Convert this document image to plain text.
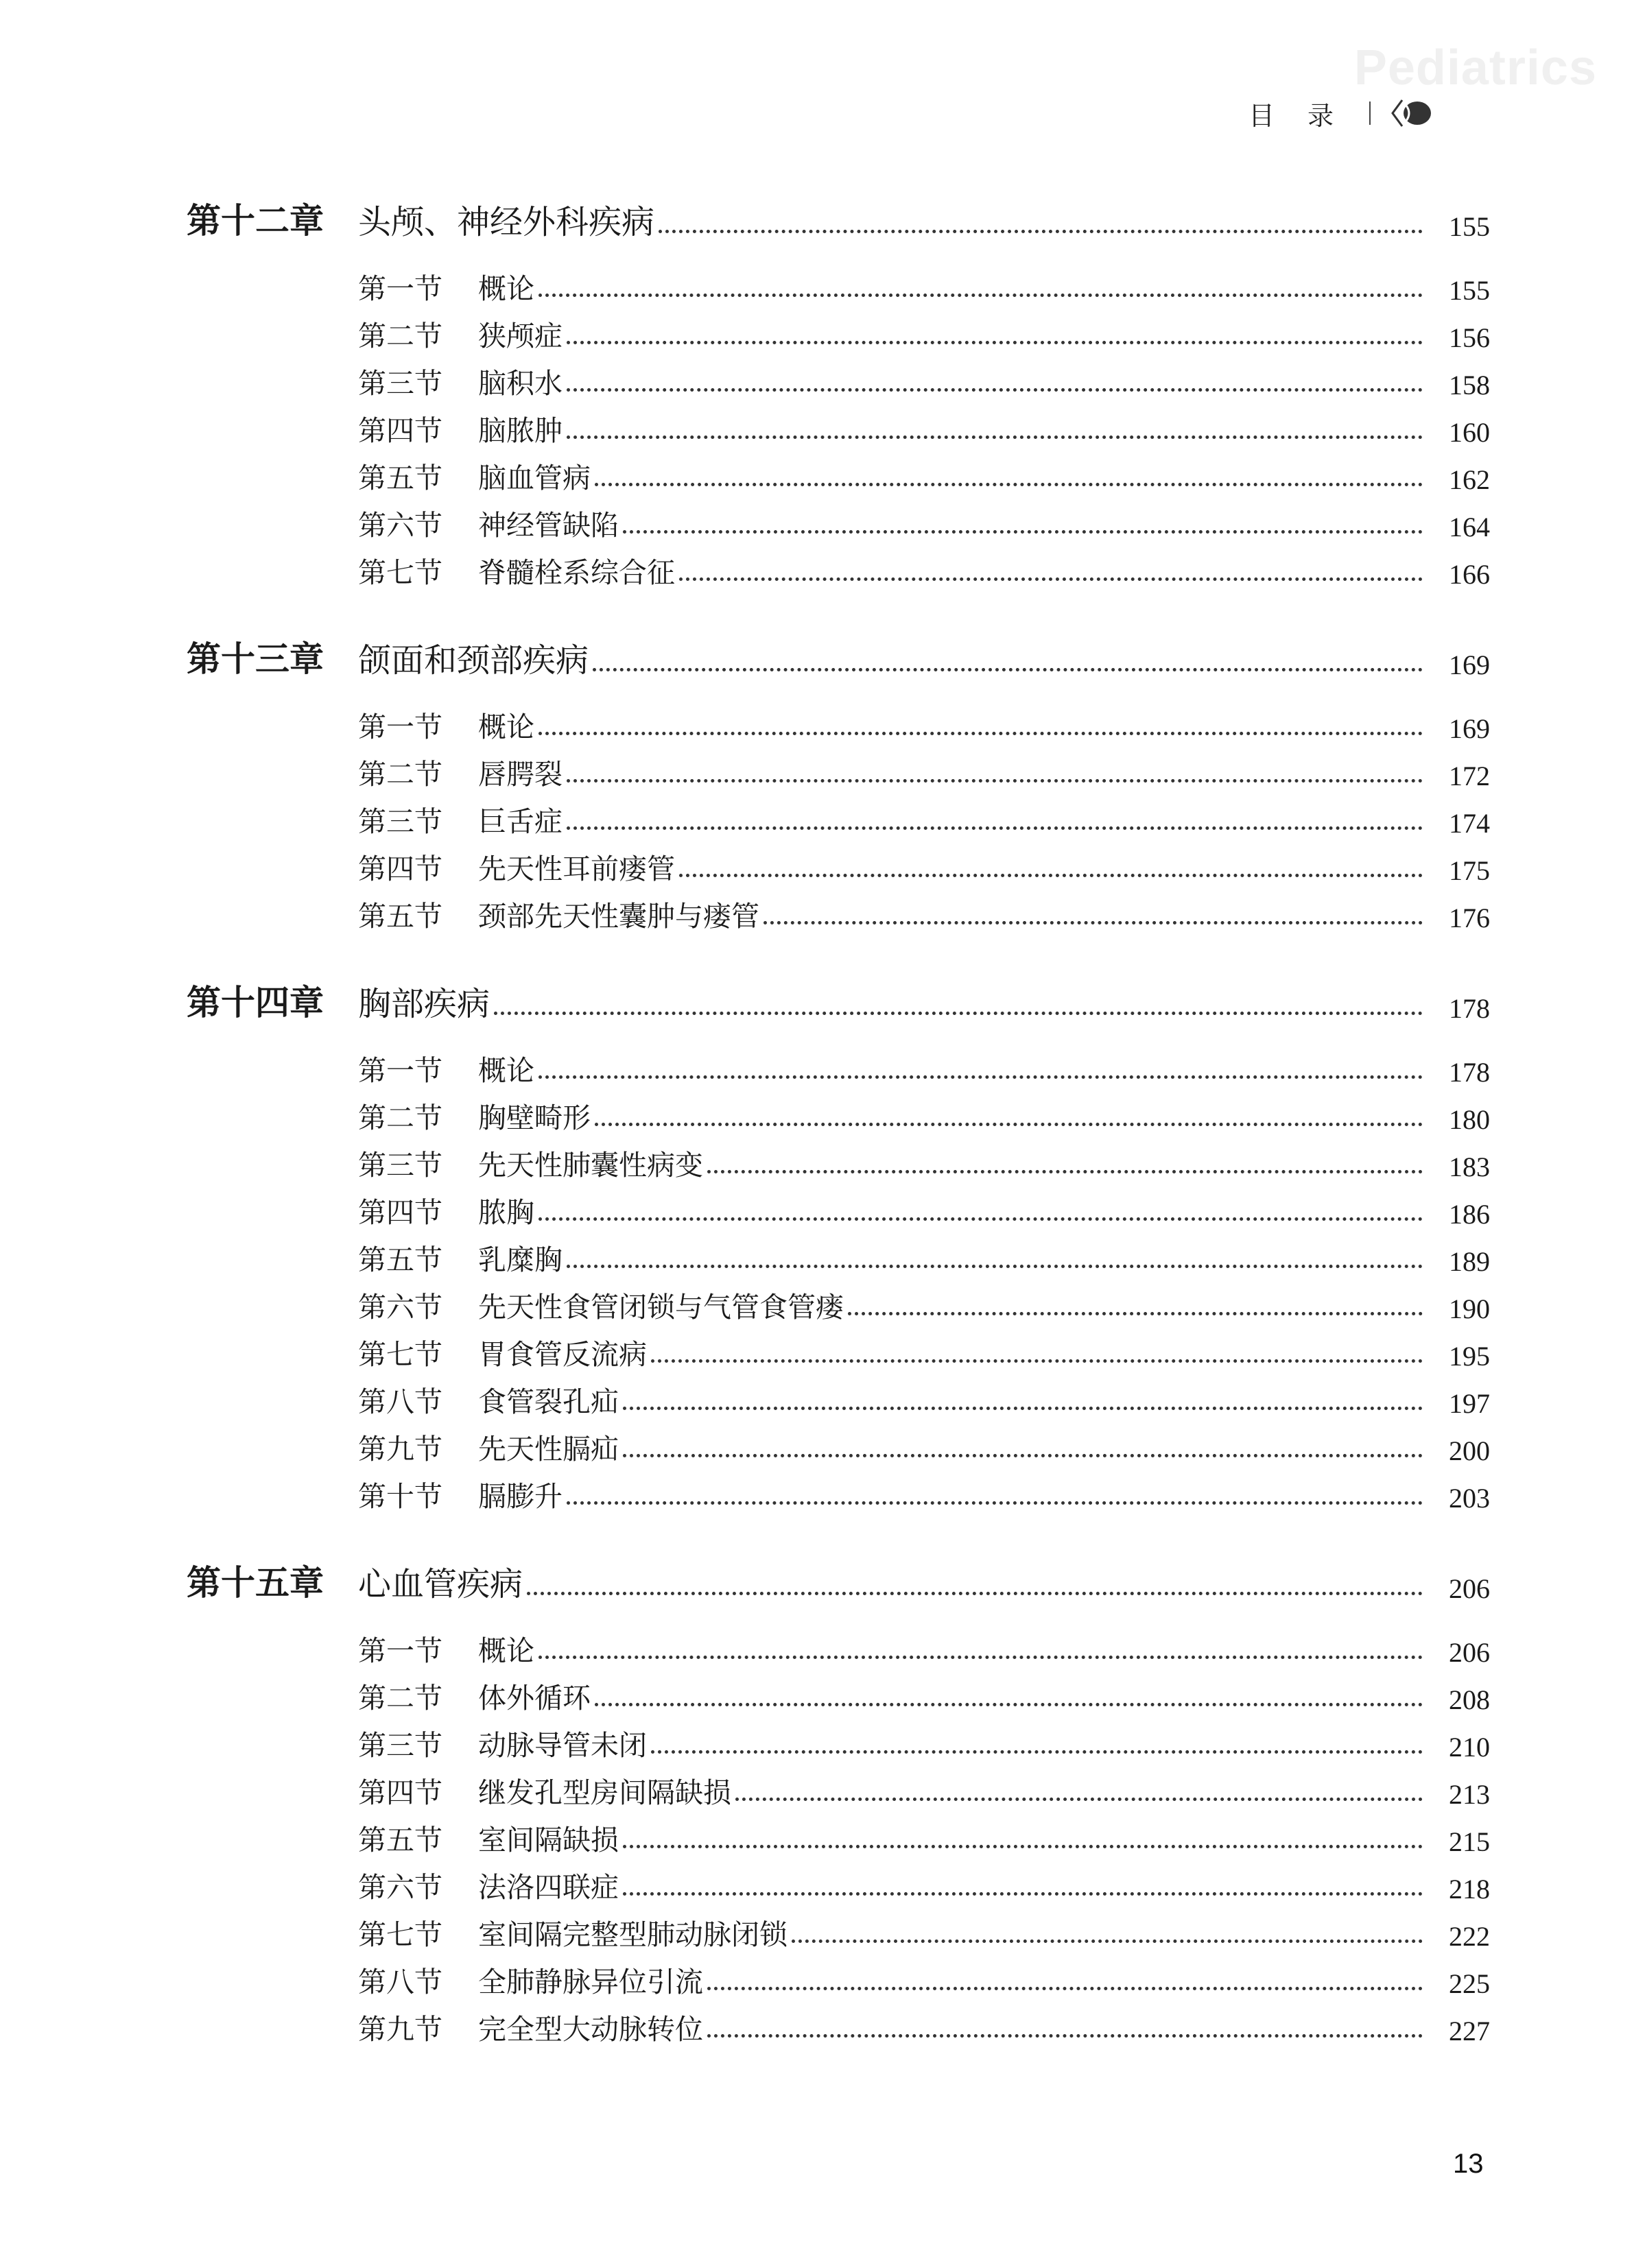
Pediatrics
目录
第十二章	头颅、神经外科疾病	155
第一节	概论	155
第二节	狭颅症	156
第三节	脑积水	158
第四节	脑脓肿	160
第五节	脑血管病	162
第六节	神经管缺陷	164
第七节	脊髓栓系综合征	166
第十三章	颌面和颈部疾病	169
第一节	概论	169
第二节	唇腭裂	172
第三节	巨舌症	174
第四节	先天性耳前瘘管	175
第五节	颈部先天性囊肿与瘘管	176
第十四章	胸部疾病	178
第一节	概论	178
第二节	胸壁畸形	180
第三节	先天性肺囊性病变	183
第四节	脓胸	186
第五节	乳糜胸	189
第六节	先天性食管闭锁与气管食管瘘	190
第七节	胃食管反流病	195
第八节	食管裂孔疝	197
第九节	先天性膈疝	200
第十节	膈膨升	203
第十五章	心血管疾病	206
第一节	概论	206
第二节	体外循环	208
第三节	动脉导管未闭	210
第四节	继发孔型房间隔缺损	213
第五节	室间隔缺损	215
第六节	法洛四联症	218
第七节	室间隔完整型肺动脉闭锁	222
第八节	全肺静脉异位引流	225
第九节	完全型大动脉转位	227
13
